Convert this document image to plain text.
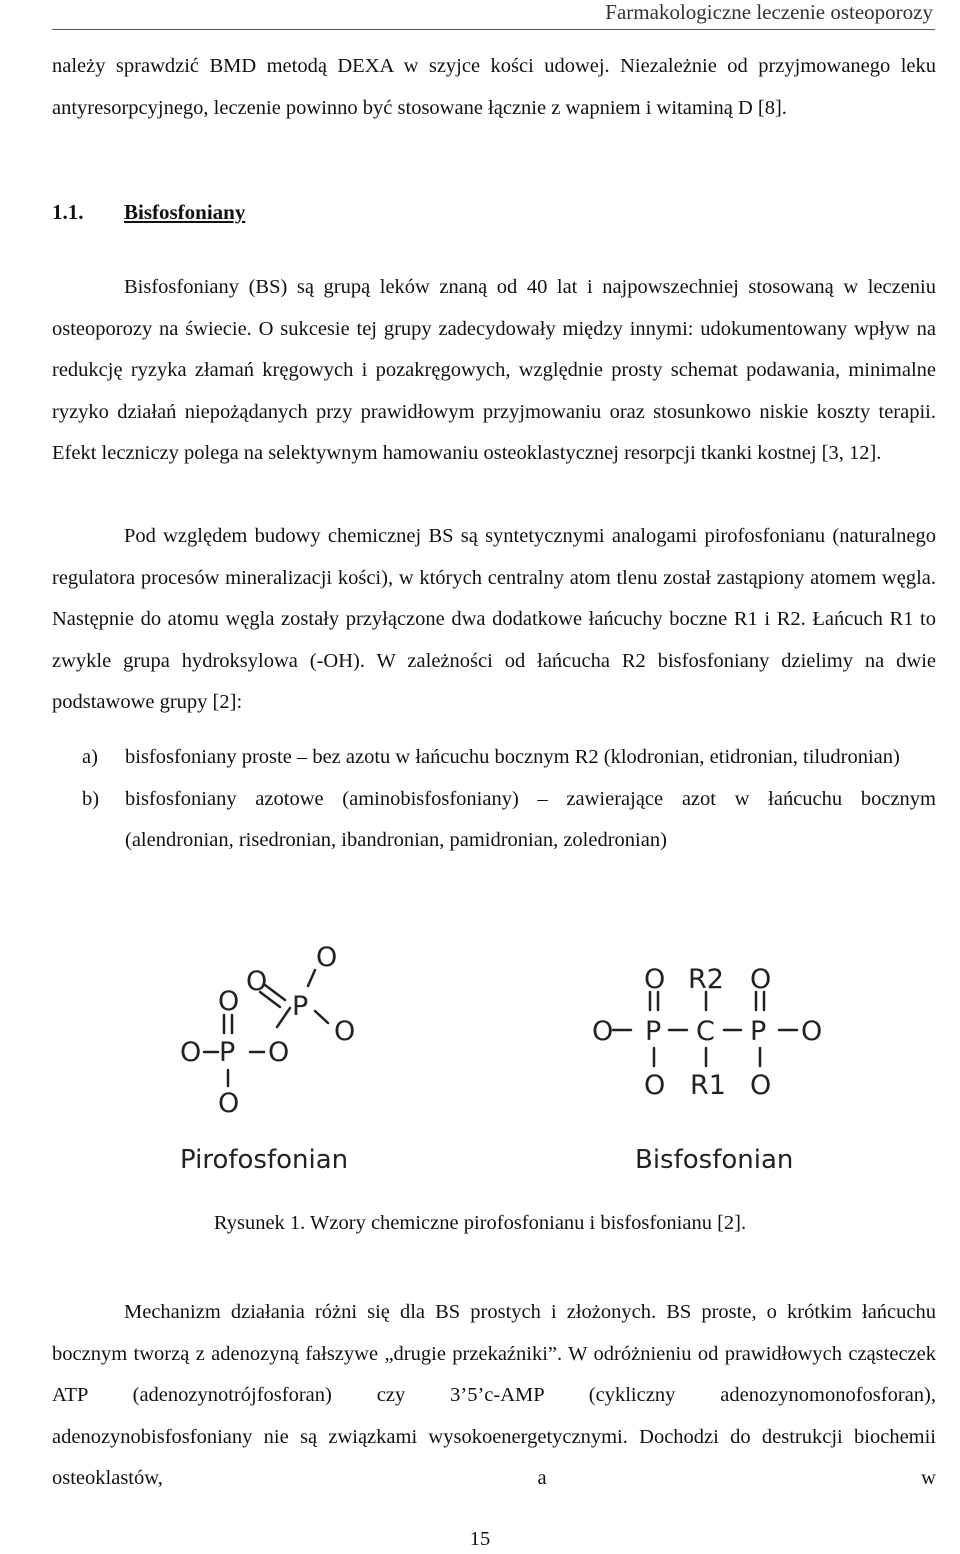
Farmakologiczne leczenie osteoporozy

należy sprawdzić BMD metodą DEXA w szyjce kości udowej. Niezależnie od przyjmowanego leku antyresorpcyjnego, leczenie powinno być stosowane łącznie z wapniem i witaminą D [8].

1.1. Bisfosfoniany

Bisfosfoniany (BS) są grupą leków znaną od 40 lat i najpowszechniej stosowaną w leczeniu osteoporozy na świecie. O sukcesie tej grupy zadecydowały między innymi: udokumentowany wpływ na redukcję ryzyka złamań kręgowych i pozakręgowych, względnie prosty schemat podawania, minimalne ryzyko działań niepożądanych przy prawidłowym przyjmowaniu oraz stosunkowo niskie koszty terapii. Efekt leczniczy polega na selektywnym hamowaniu osteoklastycznej resorpcji tkanki kostnej [3, 12].

Pod względem budowy chemicznej BS są syntetycznymi analogami pirofosfonianu (naturalnego regulatora procesów mineralizacji kości), w których centralny atom tlenu został zastąpiony atomem węgla. Następnie do atomu węgla zostały przyłączone dwa dodatkowe łańcuchy boczne R1 i R2. Łańcuch R1 to zwykle grupa hydroksylowa (-OH). W zależności od łańcucha R2 bisfosfoniany dzielimy na dwie podstawowe grupy [2]:

a) bisfosfoniany proste – bez azotu w łańcuchu bocznym R2 (klodronian, etidronian, tiludronian)
b) bisfosfoniany azotowe (aminobisfosfoniany) – zawierające azot w łańcuchu bocznym (alendronian, risedronian, ibandronian, pamidronian, zoledronian)
O P O
O
O
O
P
O
O
Pirofosfonian
O P C P O
O R2 O
O R1 O
Bisfosfonian
Rysunek 1. Wzory chemiczne pirofosfonianu i bisfosfonianu [2].

Mechanizm działania różni się dla BS prostych i złożonych. BS proste, o krótkim łańcuchu bocznym tworzą z adenozyną fałszywe „drugie przekaźniki”. W odróżnieniu od prawidłowych cząsteczek ATP (adenozynotrójfosforan) czy 3’5’c-AMP (cykliczny adenozynomonofosforan), adenozynobisfosfoniany nie są związkami wysokoenergetycznymi. Dochodzi do destrukcji biochemii osteoklastów, a w

15
